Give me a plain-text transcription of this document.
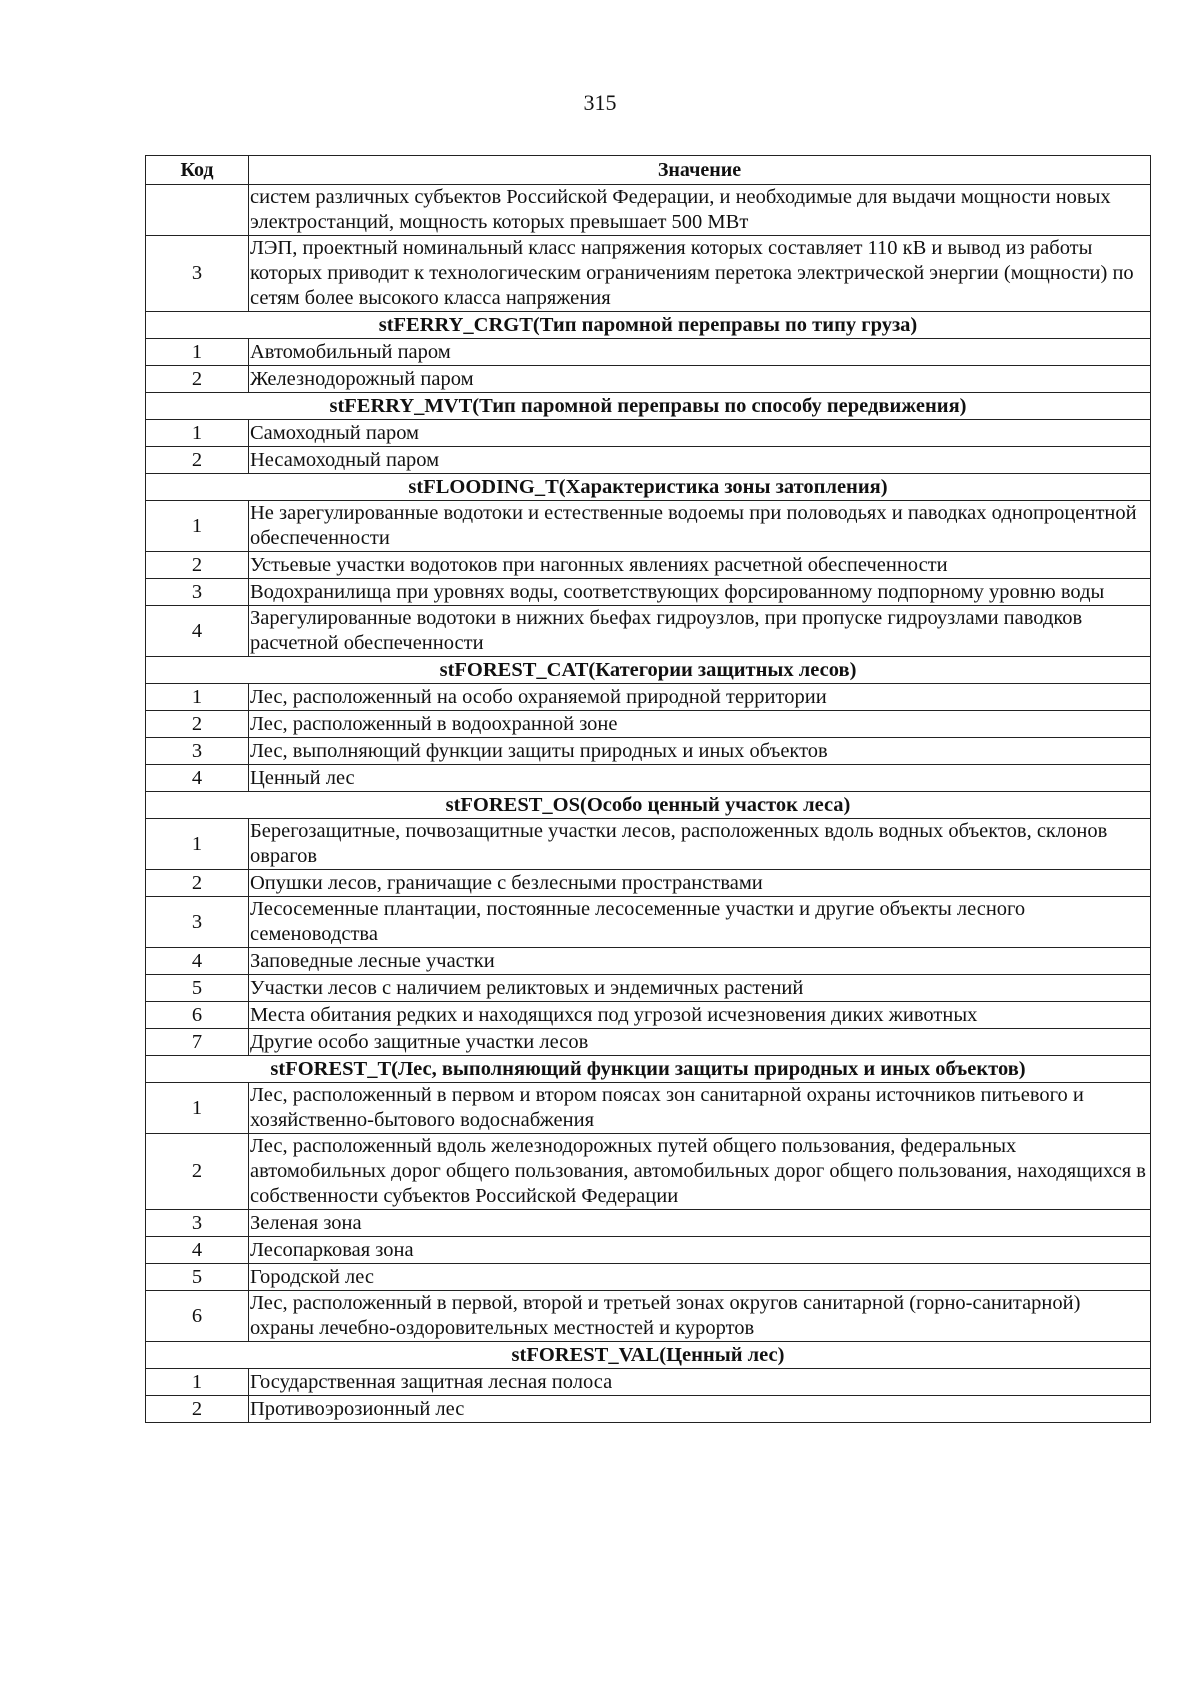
315
Код	Значение
	систем различных субъектов Российской Федерации, и необходимые для выдачи мощности новых электростанций, мощность которых превышает 500 МВт
3	ЛЭП, проектный номинальный класс напряжения которых составляет 110 кВ и вывод из работы которых приводит к технологическим ограничениям перетока электрической энергии (мощности) по сетям более высокого класса напряжения
stFERRY_CRGT(Тип паромной переправы по типу груза)	
1	Автомобильный паром
2	Железнодорожный паром
stFERRY_MVT(Тип паромной переправы по способу передвижения)	
1	Самоходный паром
2	Несамоходный паром
stFLOODING_T(Характеристика зоны затопления)	
1	Не зарегулированные водотоки и естественные водоемы при половодьях и паводках однопроцентной обеспеченности
2	Устьевые участки водотоков при нагонных явлениях расчетной обеспеченности
3	Водохранилища при уровнях воды, соответствующих форсированному подпорному уровню воды
4	Зарегулированные водотоки в нижних бьефах гидроузлов, при пропуске гидроузлами паводков расчетной обеспеченности
stFOREST_CAT(Категории защитных лесов)	
1	Лес, расположенный на особо охраняемой природной территории
2	Лес, расположенный в водоохранной зоне
3	Лес, выполняющий функции защиты природных и иных объектов
4	Ценный лес
stFOREST_OS(Особо ценный участок леса)	
1	Берегозащитные, почвозащитные участки лесов, расположенных вдоль водных объектов, склонов оврагов
2	Опушки лесов, граничащие с безлесными пространствами
3	Лесосеменные плантации, постоянные лесосеменные участки и другие объекты лесного семеноводства
4	Заповедные лесные участки
5	Участки лесов с наличием реликтовых и эндемичных растений
6	Места обитания редких и находящихся под угрозой исчезновения диких животных
7	Другие особо защитные участки лесов
stFOREST_T(Лес, выполняющий функции защиты природных и иных объектов)	
1	Лес, расположенный в первом и втором поясах зон санитарной охраны источников питьевого и хозяйственно-бытового водоснабжения
2	Лес, расположенный вдоль железнодорожных путей общего пользования, федеральных автомобильных дорог общего пользования, автомобильных дорог общего пользования, находящихся в собственности субъектов Российской Федерации
3	Зеленая зона
4	Лесопарковая зона
5	Городской лес
6	Лес, расположенный в первой, второй и третьей зонах округов санитарной (горно-санитарной) охраны лечебно-оздоровительных местностей и курортов
stFOREST_VAL(Ценный лес)	
1	Государственная защитная лесная полоса
2	Противоэрозионный лес
